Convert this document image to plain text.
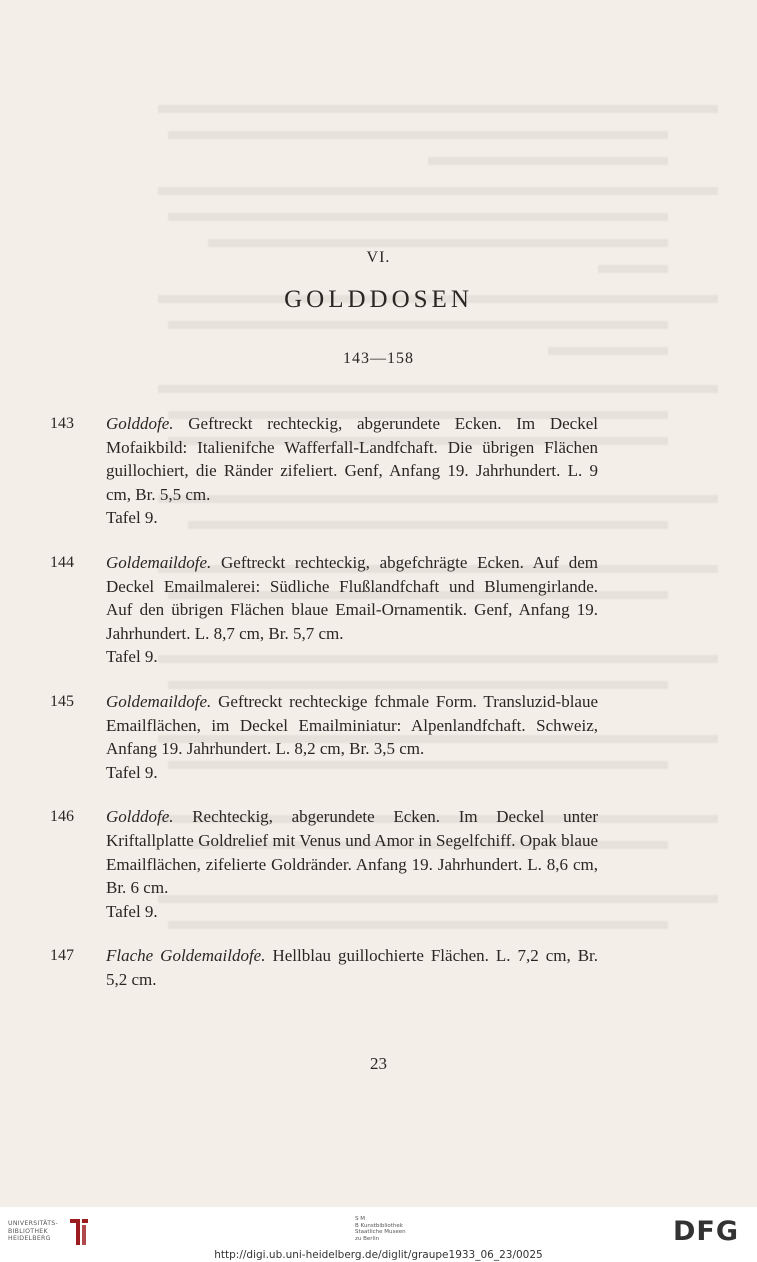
VI.
GOLDDOSEN
143—158
143 Golddofe. Geftreckt rechteckig, abgerundete Ecken. Im Deckel Mofaikbild: Italienifche Wafferfall-Landfchaft. Die übrigen Flächen guillochiert, die Ränder zifeliert. Genf, Anfang 19. Jahrhundert. L. 9 cm, Br. 5,5 cm.
Tafel 9.
144 Goldemaildofe. Geftreckt rechteckig, abgefchrägte Ecken. Auf dem Deckel Emailmalerei: Südliche Flußlandfchaft und Blumengirlande. Auf den übrigen Flächen blaue Email-Ornamentik. Genf, Anfang 19. Jahrhundert. L. 8,7 cm, Br. 5,7 cm.
Tafel 9.
145 Goldemaildofe. Geftreckt rechteckige fchmale Form. Transluzid-blaue Emailflächen, im Deckel Emailminiatur: Alpenlandfchaft. Schweiz, Anfang 19. Jahrhundert. L. 8,2 cm, Br. 3,5 cm.
Tafel 9.
146 Golddofe. Rechteckig, abgerundete Ecken. Im Deckel unter Kriftallplatte Goldrelief mit Venus und Amor in Segelfchiff. Opak blaue Emailflächen, zifelierte Goldränder. Anfang 19. Jahrhundert. L. 8,6 cm, Br. 6 cm.
Tafel 9.
147 Flache Goldemaildofe. Hellblau guillochierte Flächen. L. 7,2 cm, Br. 5,2 cm.
23
UNIVERSITÄTS-
BIBLIOTHEK
HEIDELBERG
S M
B Kunstbibliothek
Staatliche Museen
zu Berlin	DFG
http://digi.ub.uni-heidelberg.de/diglit/graupe1933_06_23/0025
